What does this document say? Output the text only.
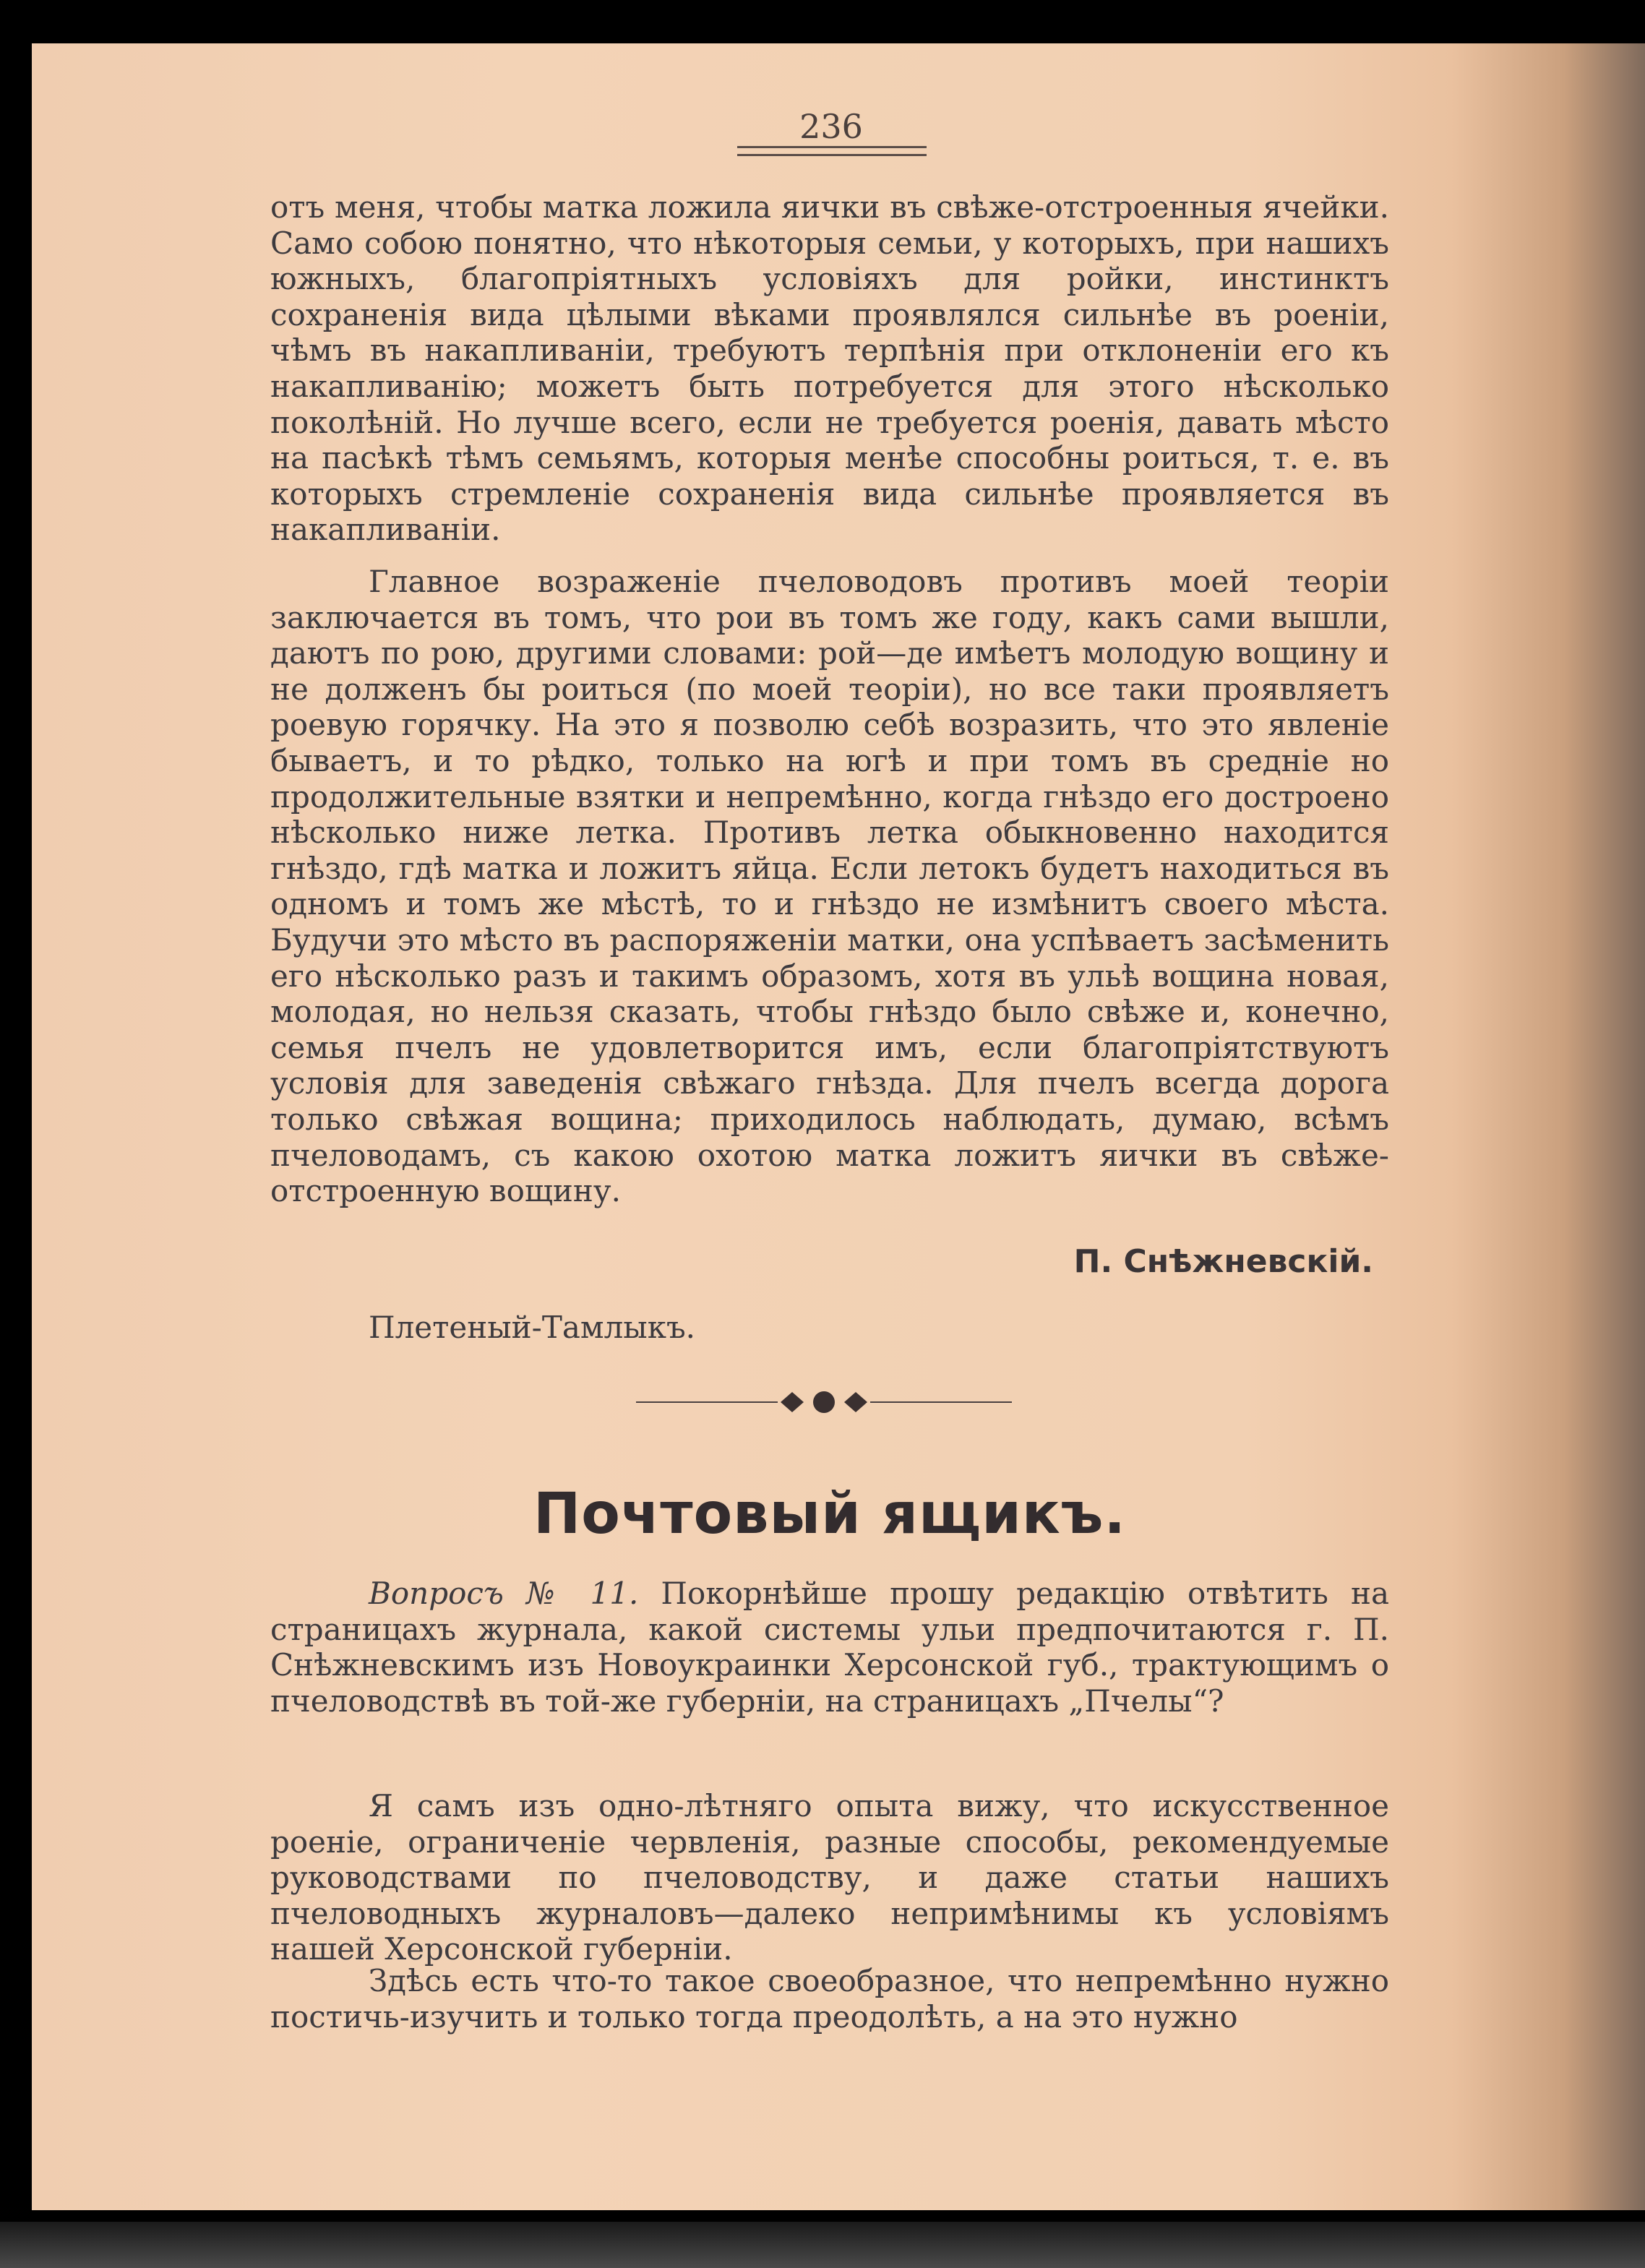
236

отъ меня, чтобы матка ложила яички въ свѣже-отстроенныя ячейки. Само собою понятно, что нѣкоторыя семьи, у которыхъ, при нашихъ южныхъ, благопріятныхъ условіяхъ для ройки, инстинктъ сохраненія вида цѣлыми вѣками проявлялся сильнѣе въ роеніи, чѣмъ въ накапливаніи, требуютъ терпѣнія при отклоненіи его къ накапливанію; можетъ быть потребуется для этого нѣсколько поколѣній. Но лучше всего, если не требуется роенія, давать мѣсто на пасѣкѣ тѣмъ семьямъ, которыя менѣе способны роиться, т. е. въ которыхъ стремленіе сохраненія вида сильнѣе проявляется въ накапливаніи.

Главное возраженіе пчеловодовъ противъ моей теоріи заключается въ томъ, что рои въ томъ же году, какъ сами вышли, даютъ по рою, другими словами: рой—де имѣетъ молодую вощину и не долженъ бы роиться (по моей теоріи), но все таки проявляетъ роевую горячку. На это я позволю себѣ возразить, что это явленіе бываетъ, и то рѣдко, только на югѣ и при томъ въ средніе но продолжительные взятки и непремѣнно, когда гнѣздо его достроено нѣсколько ниже летка. Противъ летка обыкновенно находится гнѣздо, гдѣ матка и ложитъ яйца. Если летокъ будетъ находиться въ одномъ и томъ же мѣстѣ, то и гнѣздо не измѣнитъ своего мѣста. Будучи это мѣсто въ распоряженіи матки, она успѣваетъ засѣменить его нѣсколько разъ и такимъ образомъ, хотя въ ульѣ вощина новая, молодая, но нельзя сказать, чтобы гнѣздо было свѣже и, конечно, семья пчелъ не удовлетворится имъ, если благопріятствуютъ условія для заведенія свѣжаго гнѣзда. Для пчелъ всегда дорога только свѣжая вощина; приходилось наблюдать, думаю, всѣмъ пчеловодамъ, съ какою охотою матка ложитъ яички въ свѣже-отстроенную вощину.

П. Снѣжневскій.
Плетеный-Тамлыкъ.
Почтовый ящикъ.

Вопросъ № 11. Покорнѣйше прошу редакцію отвѣтить на страницахъ журнала, какой системы ульи предпочитаются г. П. Снѣжневскимъ изъ Новоукраинки Херсонской губ., трактующимъ о пчеловодствѣ въ той-же губерніи, на страницахъ „Пчелы“?

Я самъ изъ одно-лѣтняго опыта вижу, что искусственное роеніе, ограниченіе червленія, разные способы, рекомендуемые руководствами по пчеловодству, и даже статьи нашихъ пчеловодныхъ журналовъ—далеко непримѣнимы къ условіямъ нашей Херсонской губерніи.

Здѣсь есть что-то такое своеобразное, что непремѣнно нужно постичь-изучить и только тогда преодолѣть, а на это нужно
